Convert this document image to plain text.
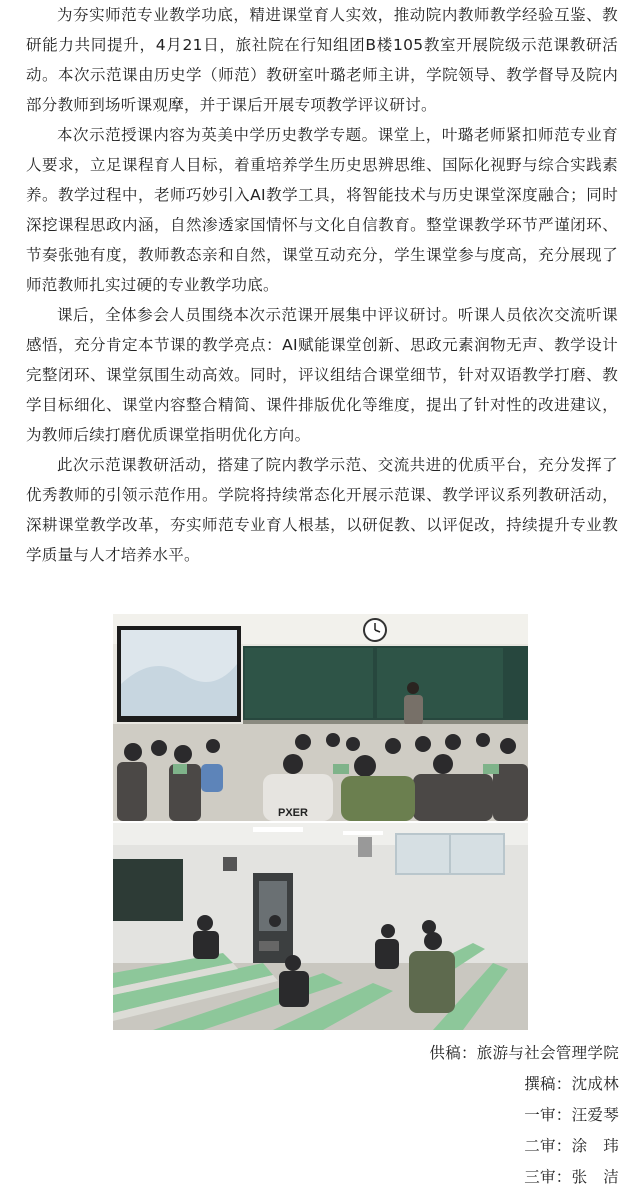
为夯实师范专业教学功底，精进课堂育人实效，推动院内教师教学经验互鉴、教研能力共同提升，4月21日，旅社院在行知组团B楼105教室开展院级示范课教研活动。本次示范课由历史学（师范）教研室叶璐老师主讲，学院领导、教学督导及院内部分教师到场听课观摩，并于课后开展专项教学评议研讨。

本次示范授课内容为英美中学历史教学专题。课堂上，叶璐老师紧扣师范专业育人要求，立足课程育人目标，着重培养学生历史思辨思维、国际化视野与综合实践素养。教学过程中，老师巧妙引入AI教学工具，将智能技术与历史课堂深度融合；同时深挖课程思政内涵，自然渗透家国情怀与文化自信教育。整堂课教学环节严谨闭环、节奏张弛有度，教师教态亲和自然，课堂互动充分，学生课堂参与度高，充分展现了师范教师扎实过硬的专业教学功底。

课后，全体参会人员围绕本次示范课开展集中评议研讨。听课人员依次交流听课感悟，充分肯定本节课的教学亮点：AI赋能课堂创新、思政元素润物无声、教学设计完整闭环、课堂氛围生动高效。同时，评议组结合课堂细节，针对双语教学打磨、教学目标细化、课堂内容整合精简、课件排版优化等维度，提出了针对性的改进建议，为教师后续打磨优质课堂指明优化方向。

此次示范课教研活动，搭建了院内教学示范、交流共进的优质平台，充分发挥了优秀教师的引领示范作用。学院将持续常态化开展示范课、教学评议系列教研活动，深耕课堂教学改革，夯实师范专业育人根基，以研促教、以评促改，持续提升专业教学质量与人才培养水平。

PXER
供稿：旅游与社会管理学院
撰稿：沈成林
一审：汪爱琴
二审：涂　玮
三审：张　洁
